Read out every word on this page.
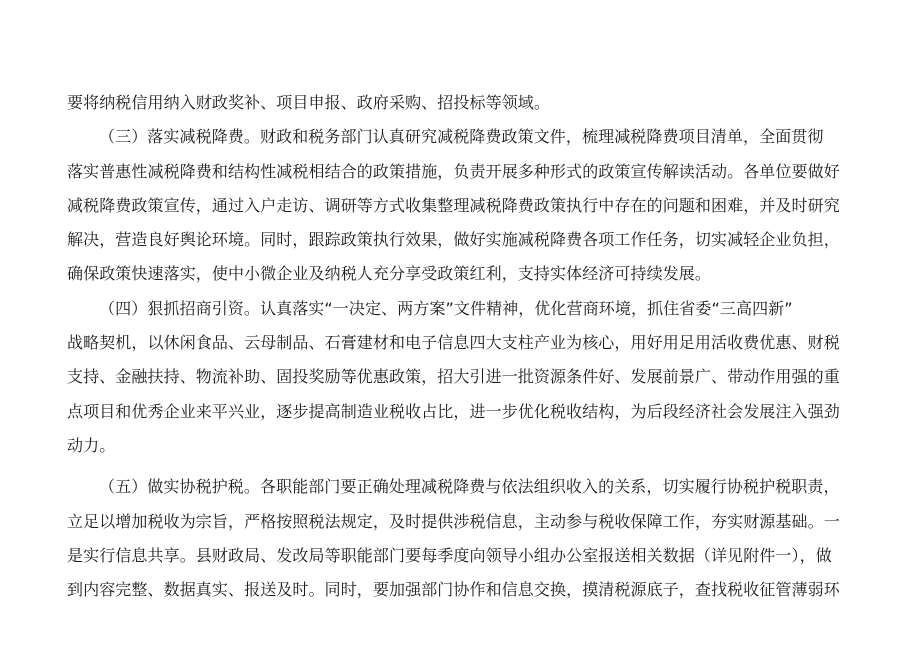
要将纳税信用纳入财政奖补、项目申报、政府采购、招投标等领域。
（三）落实减税降费。财政和税务部门认真研究减税降费政策文件，梳理减税降费项目清单，全面贯彻
落实普惠性减税降费和结构性减税相结合的政策措施，负责开展多种形式的政策宣传解读活动。各单位要做好
减税降费政策宣传，通过入户走访、调研等方式收集整理减税降费政策执行中存在的问题和困难，并及时研究
解决，营造良好舆论环境。同时，跟踪政策执行效果，做好实施减税降费各项工作任务，切实减轻企业负担，
确保政策快速落实，使中小微企业及纳税人充分享受政策红利，支持实体经济可持续发展。
（四）狠抓招商引资。认真落实“一决定、两方案”文件精神，优化营商环境，抓住省委“三高四新”
战略契机，以休闲食品、云母制品、石膏建材和电子信息四大支柱产业为核心，用好用足用活收费优惠、财税
支持、金融扶持、物流补助、固投奖励等优惠政策，招大引进一批资源条件好、发展前景广、带动作用强的重
点项目和优秀企业来平兴业，逐步提高制造业税收占比，进一步优化税收结构，为后段经济社会发展注入强劲
动力。
（五）做实协税护税。各职能部门要正确处理减税降费与依法组织收入的关系，切实履行协税护税职责，
立足以增加税收为宗旨，严格按照税法规定，及时提供涉税信息，主动参与税收保障工作，夯实财源基础。一
是实行信息共享。县财政局、发改局等职能部门要每季度向领导小组办公室报送相关数据（详见附件一），做
到内容完整、数据真实、报送及时。同时，要加强部门协作和信息交换，摸清税源底子，查找税收征管薄弱环
